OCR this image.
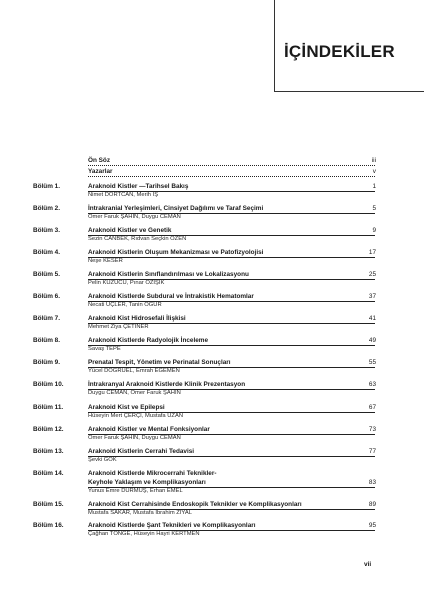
İÇİNDEKİLER
Ön Söz	iii
Yazarlar	v
Bölüm 1.	Araknoid Kistler —Tarihsel Bakış	1
Nimet DÖRTCAN, Merih İŞ
Bölüm 2.	İntrakranial Yerleşimleri, Cinsiyet Dağılımı ve Taraf Seçimi	5
Ömer Faruk ŞAHİN, Duygu CEMAN
Bölüm 3.	Araknoid Kistler ve Genetik	9
Sezin CANBEK, Rıdvan Seçkin ÖZEN
Bölüm 4.	Araknoid Kistlerin Oluşum Mekanizması ve Patofizyolojisi	17
Neşe KESER
Bölüm 5.	Araknoid Kistlerin Sınıflandırılması ve Lokalizasyonu	25
Pelin KUZUCU, Pınar ÖZIŞIK
Bölüm 6.	Araknoid Kistlerde Subdural ve İntrakistik Hematomlar	37
Necati ÜÇLER, Tanin OĞUR
Bölüm 7.	Araknoid Kist Hidrosefali İlişkisi	41
Mehmet Ziya ÇETİNER
Bölüm 8.	Araknoid Kistlerde Radyolojik İnceleme	49
Savaş TEPE
Bölüm 9.	Prenatal Tespit, Yönetim ve Perinatal Sonuçları	55
Yücel DOĞRUEL, Emrah EGEMEN
Bölüm 10.	İntrakranyal Araknoid Kistlerde Klinik Prezentasyon	63
Duygu CEMAN, Ömer Faruk ŞAHİN
Bölüm 11.	Araknoid Kist ve Epilepsi	67
Hüseyin Mert ÇERÇİ, Mustafa UZAN
Bölüm 12.	Araknoid Kistler ve Mental Fonksiyonlar	73
Ömer Faruk ŞAHİN, Duygu CEMAN
Bölüm 13.	Araknoid Kistlerin Cerrahi Tedavisi	77
Şevki GÖK
Bölüm 14.	Araknoid Kistlerde Mikrocerrahi Teknikler-
Keyhole Yaklaşım ve Komplikasyonları	83
Yunus Emre DURMUŞ, Erhan EMEL
Bölüm 15.	Araknoid Kist Cerrahisinde Endoskopik Teknikler ve Komplikasyonları	89
Mustafa SAKAR, Mustafa İbrahim ZİYAL
Bölüm 16.	Araknoid Kistlerde Şant Teknikleri ve Komplikasyonları	95
Çağhan TÖNGE, Hüseyin Hayri KERTMEN
vii
